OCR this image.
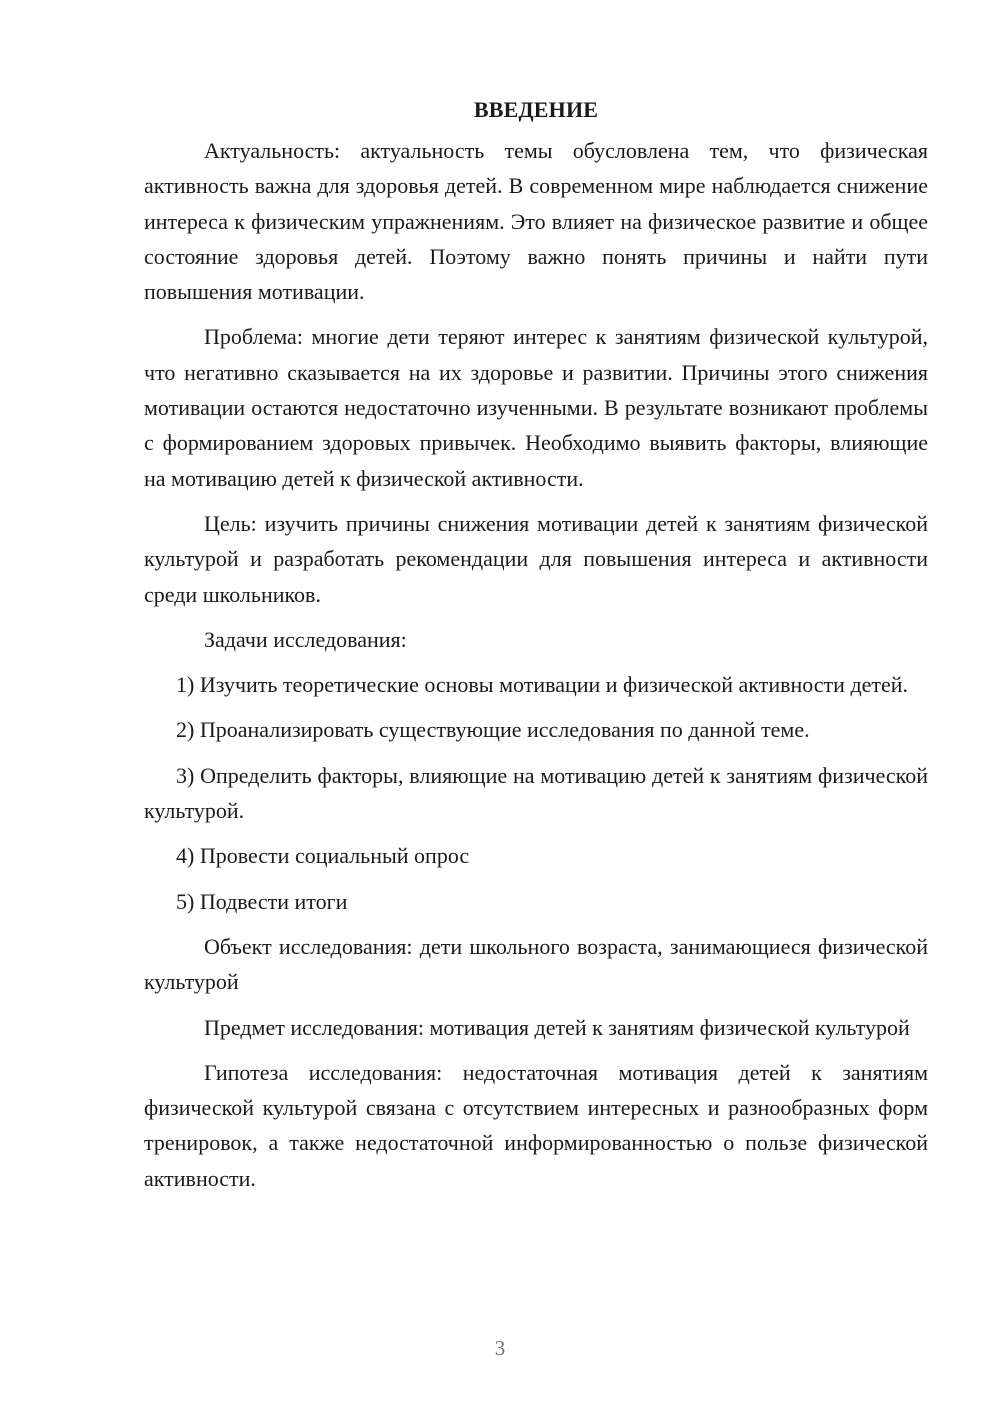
ВВЕДЕНИЕ

Актуальность: актуальность темы обусловлена тем, что физическая активность важна для здоровья детей. В современном мире наблюдается снижение интереса к физическим упражнениям. Это влияет на физическое развитие и общее состояние здоровья детей. Поэтому важно понять причины и найти пути повышения мотивации.

Проблема: многие дети теряют интерес к занятиям физической культурой, что негативно сказывается на их здоровье и развитии. Причины этого снижения мотивации остаются недостаточно изученными. В результате возникают проблемы с формированием здоровых привычек. Необходимо выявить факторы, влияющие на мотивацию детей к физической активности.

Цель: изучить причины снижения мотивации детей к занятиям физической культурой и разработать рекомендации для повышения интереса и активности среди школьников.

Задачи исследования:

1) Изучить теоретические основы мотивации и физической активности детей.

2) Проанализировать существующие исследования по данной теме.

3) Определить факторы, влияющие на мотивацию детей к занятиям физической культурой.

4) Провести социальный опрос

5) Подвести итоги

Объект исследования: дети школьного возраста, занимающиеся физической культурой

Предмет исследования: мотивация детей к занятиям физической культурой

Гипотеза исследования: недостаточная мотивация детей к занятиям физической культурой связана с отсутствием интересных и разнообразных форм тренировок, а также недостаточной информированностью о пользе физической активности.

3
